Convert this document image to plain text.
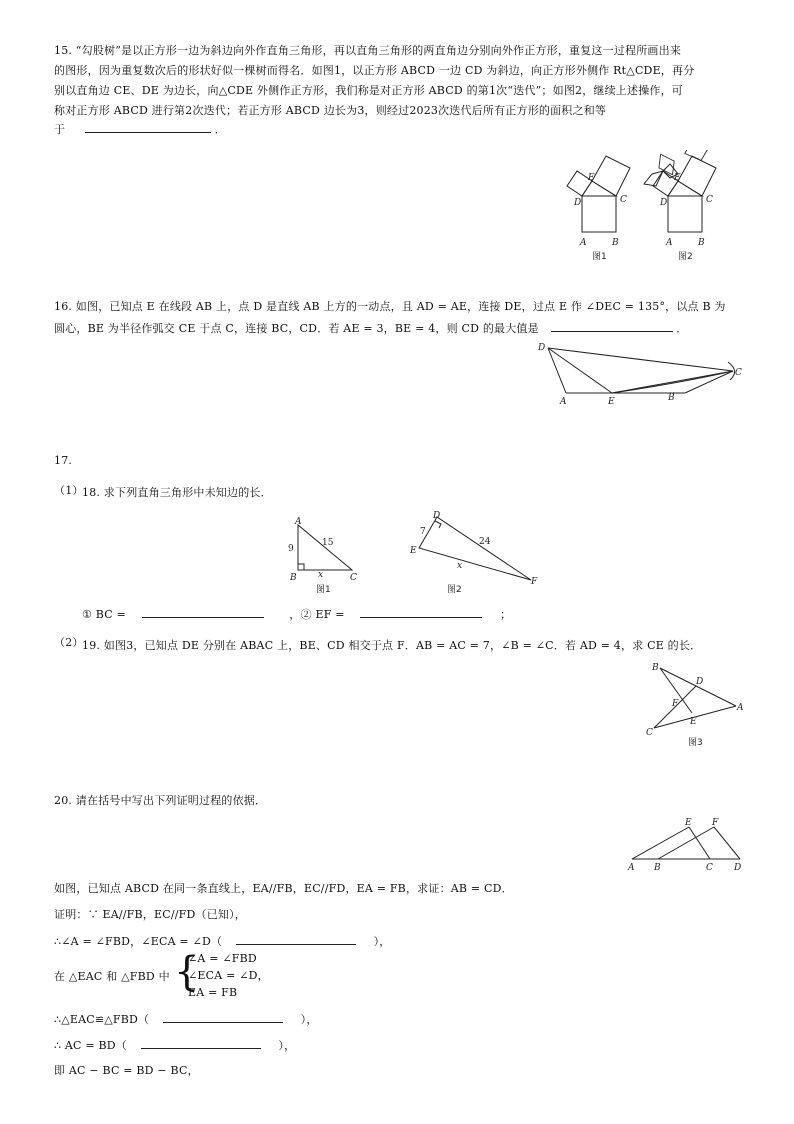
15. “勾股树”是以正方形一边为斜边向外作直角三角形，再以直角三角形的两直角边分别向外作正方形，重复这一过程所画出来
的图形，因为重复数次后的形状好似一棵树而得名．如图1，以正方形 ABCD 一边 CD 为斜边，向正方形外侧作 Rt△CDE，再分
别以直角边 CE、DE 为边长，向△CDE 外侧作正方形，我们称是对正方形 ABCD 的第1次“迭代”；如图2，继续上述操作，可
称对正方形 ABCD 进行第2次迭代；若正方形 ABCD 边长为3，则经过2023次迭代后所有正方形的面积之和等
于	．
A	B
C
D
E
图1
A	B
C
D
E
图2
16. 如图，已知点 E 在线段 AB 上，点 D 是直线 AB 上方的一动点，且 AD = AE，连接 DE，过点 E 作 ∠DEC = 135°，以点 B 为
圆心，BE 为半径作弧交 CE 于点 C，连接 BC，CD．若 AE = 3，BE = 4，则 CD 的最大值是	．
D
A	E	B
C
17.
（1）
18. 求下列直角三角形中未知边的长．
A
B	C
9
15
x
图1
D
E
F
7
24
x
图2
① BC =	，② EF =	；
（2）
19. 如图3，已知点 DE 分别在 ABAC 上，BE、CD 相交于点 F．AB = AC = 7，∠B = ∠C．若 AD = 4，求 CE 的长．
B
D
F	A
E
C
图3
20. 请在括号中写出下列证明过程的依据．
A B	C D
E F
如图，已知点 ABCD 在同一条直线上，EA//FB，EC//FD，EA = FB，求证：AB = CD．
证明：∵ EA//FB，EC//FD（已知），
∴∠A = ∠FBD，∠ECA = ∠D（	），
在 △EAC 和 △FBD 中 {
∠A = ∠FBD
∠ECA = ∠D，
EA = FB
∴△EAC≌△FBD（	），
∴ AC = BD（	），
即 AC − BC = BD − BC，
